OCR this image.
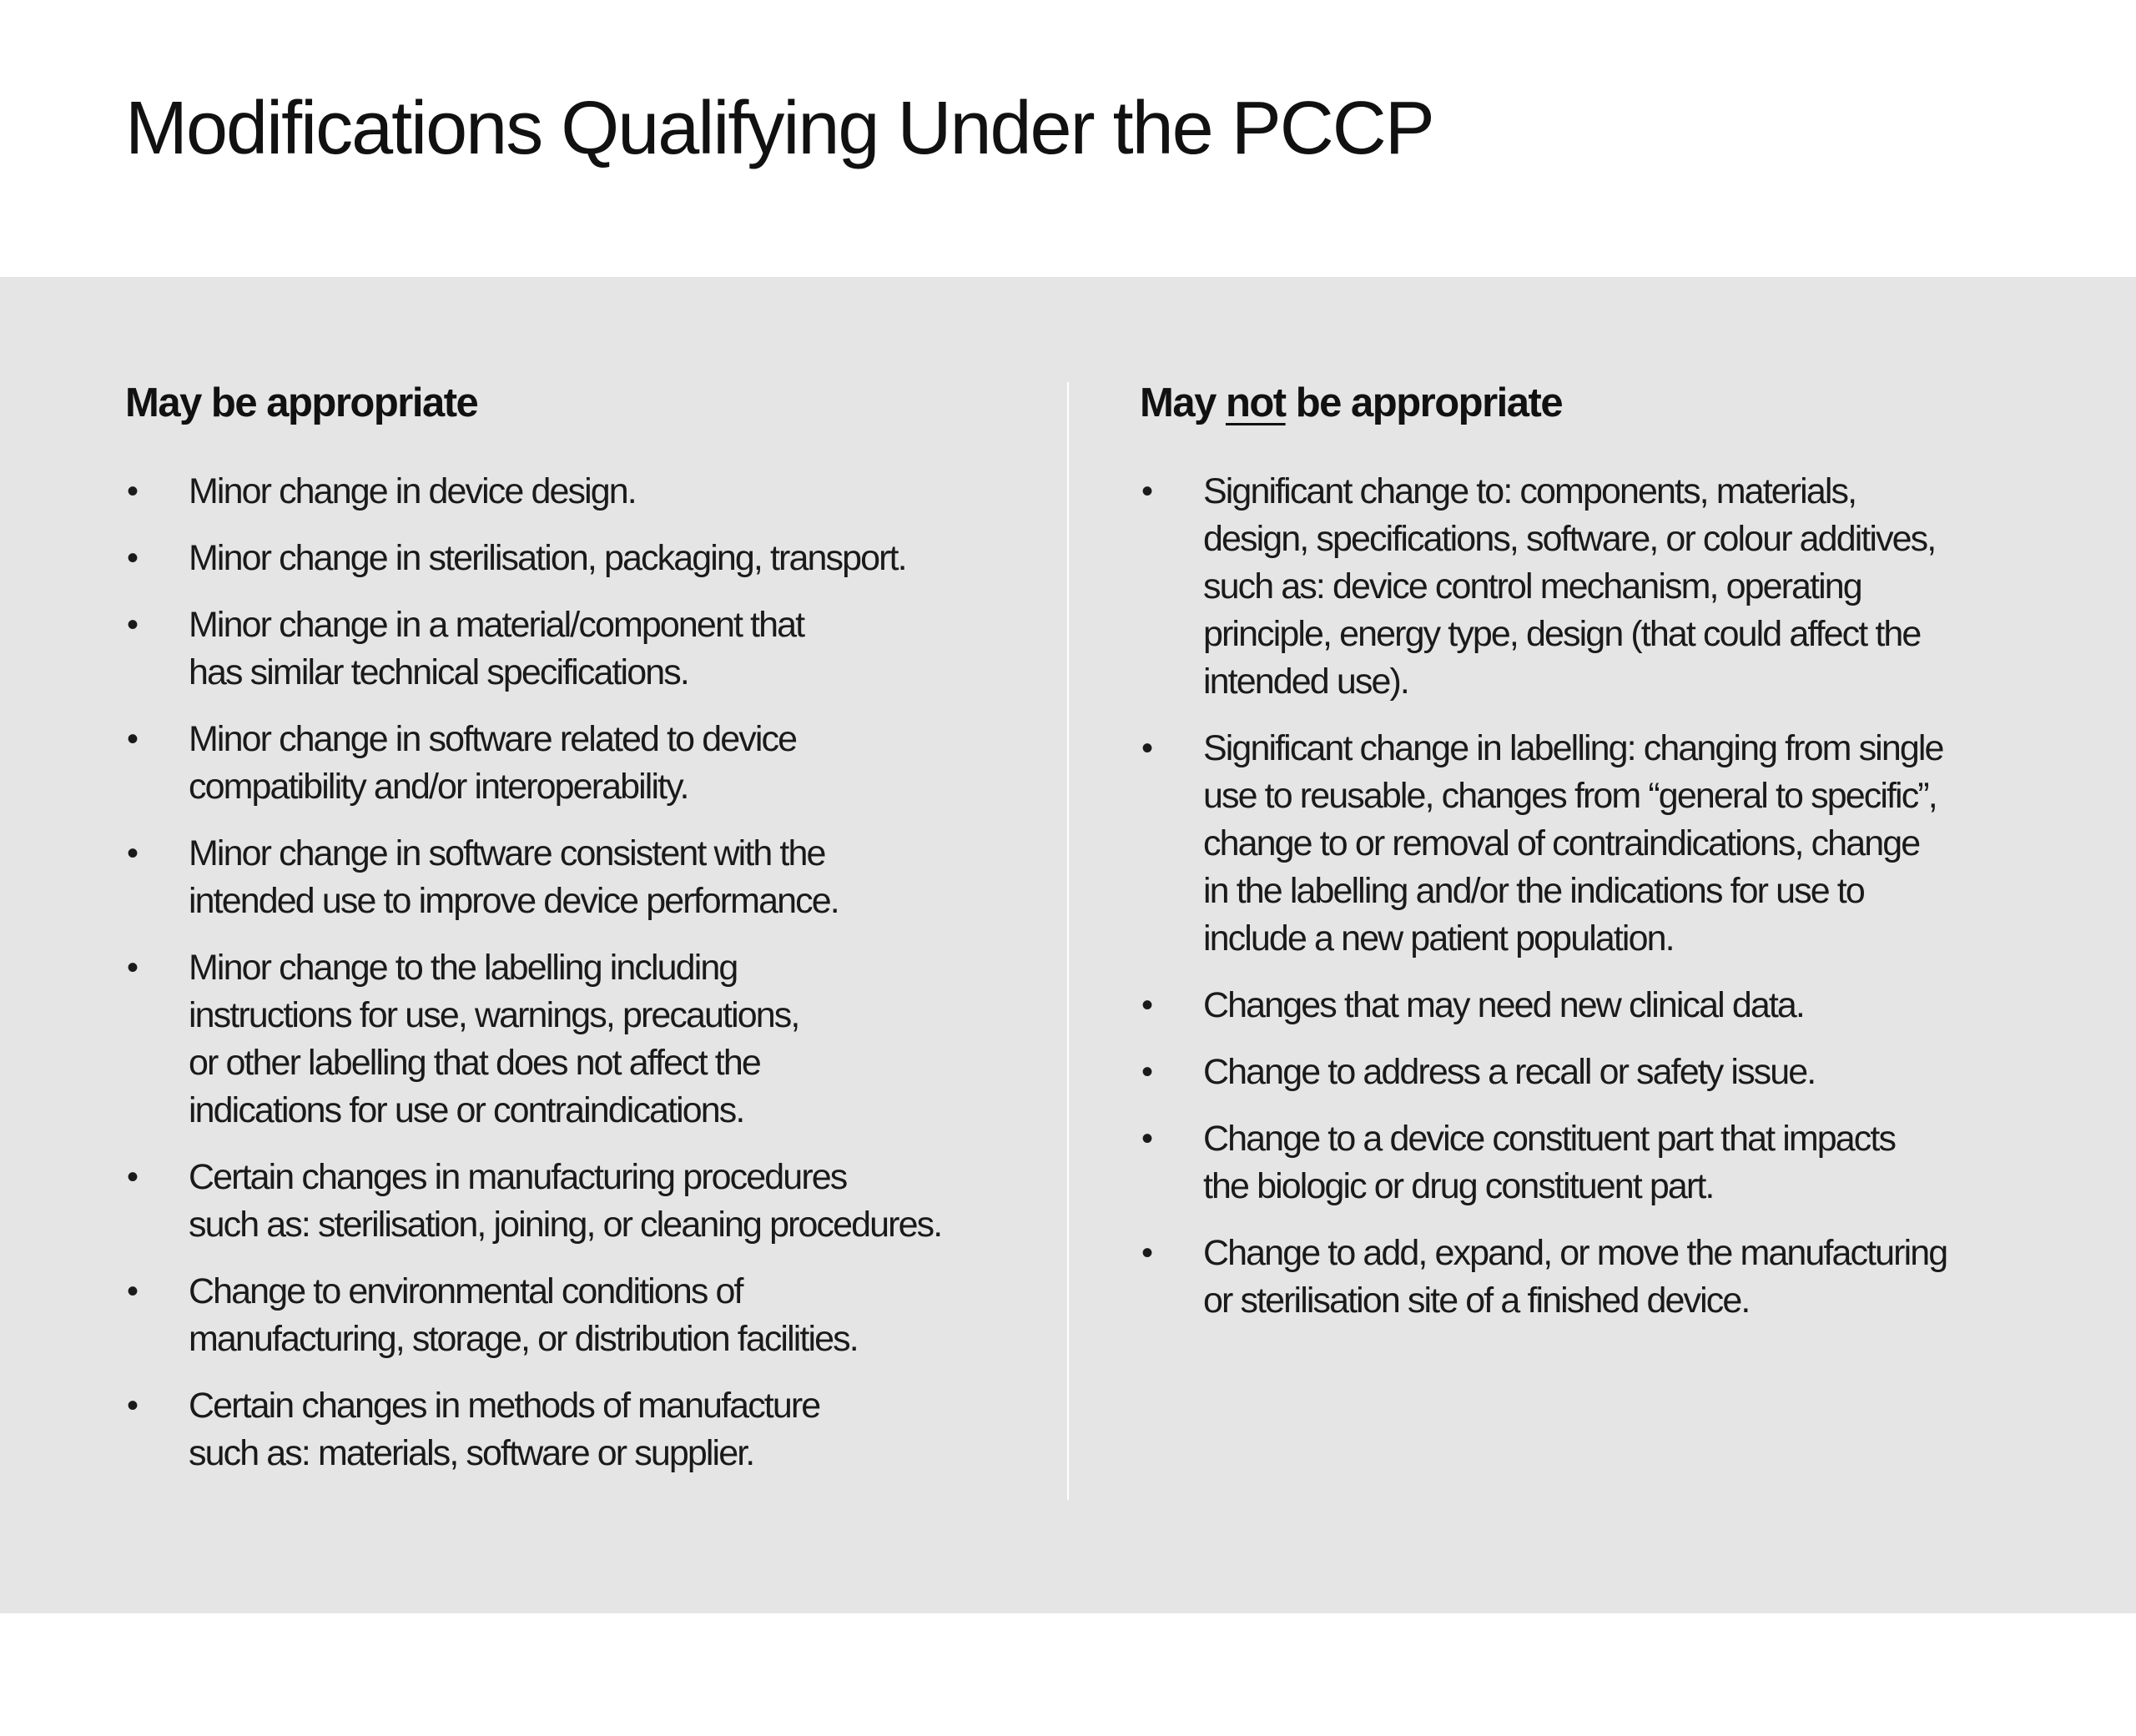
Modifications Qualifying Under the PCCP
May be appropriate
• Minor change in device design.
• Minor change in sterilisation, packaging, transport.
• Minor change in a material/component that
has similar technical specifications.
• Minor change in software related to device
compatibility and/or interoperability.
• Minor change in software consistent with the
intended use to improve device performance.
• Minor change to the labelling including
instructions for use, warnings, precautions,
or other labelling that does not affect the
indications for use or contraindications.
• Certain changes in manufacturing procedures
such as: sterilisation, joining, or cleaning procedures.
• Change to environmental conditions of
manufacturing, storage, or distribution facilities.
• Certain changes in methods of manufacture
such as: materials, software or supplier.
May not be appropriate
• Significant change to: components, materials,
design, specifications, software, or colour additives,
such as: device control mechanism, operating
principle, energy type, design (that could affect the
intended use).
• Significant change in labelling: changing from single
use to reusable, changes from “general to specific”,
change to or removal of contraindications, change
in the labelling and/or the indications for use to
include a new patient population.
• Changes that may need new clinical data.
• Change to address a recall or safety issue.
• Change to a device constituent part that impacts
the biologic or drug constituent part.
• Change to add, expand, or move the manufacturing
or sterilisation site of a finished device.
